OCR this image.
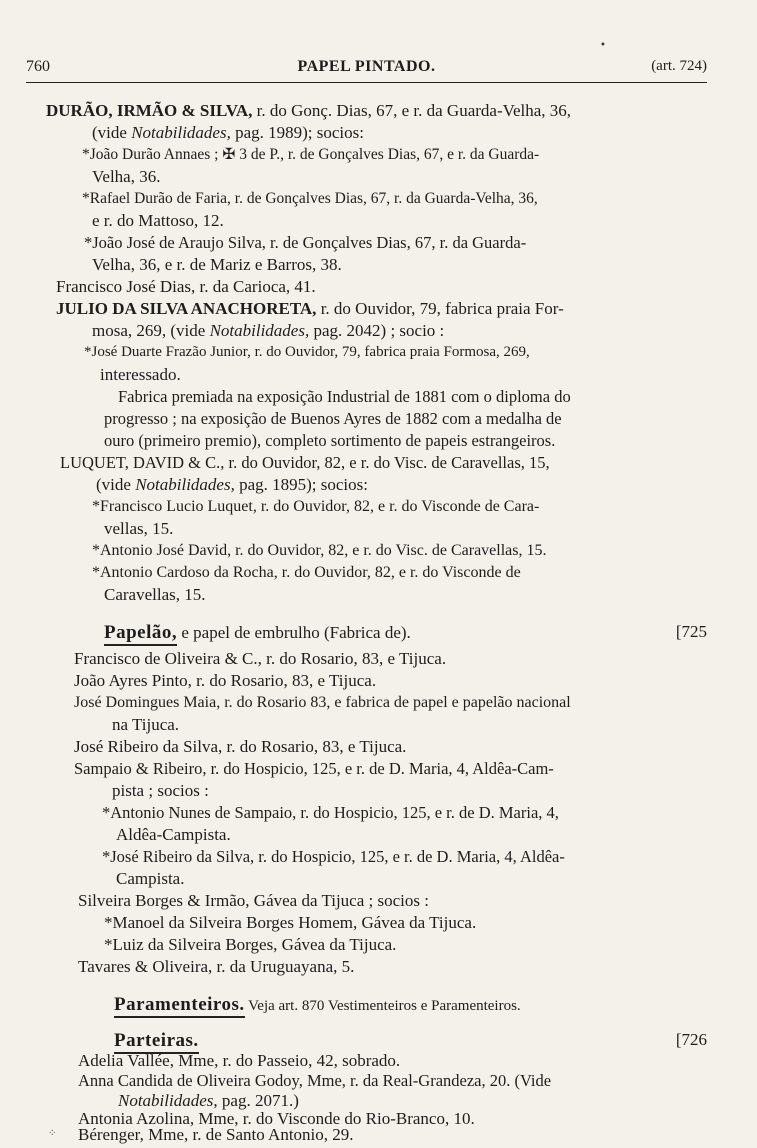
760	PAPEL PINTADO.	(art. 724)
DURÃO, IRMÃO & SILVA, r. do Gonç. Dias, 67, e r. da Guarda-Velha, 36,
(vide Notabilidades, pag. 1989); socios:
*João Durão Annaes ; ✠ 3 de P., r. de Gonçalves Dias, 67, e r. da Guarda-
Velha, 36.
*Rafael Durão de Faria, r. de Gonçalves Dias, 67, r. da Guarda-Velha, 36,
e r. do Mattoso, 12.
*João José de Araujo Silva, r. de Gonçalves Dias, 67, r. da Guarda-
Velha, 36, e r. de Mariz e Barros, 38.
Francisco José Dias, r. da Carioca, 41.
JULIO DA SILVA ANACHORETA, r. do Ouvidor, 79, fabrica praia For-
mosa, 269, (vide Notabilidades, pag. 2042) ; socio :
*José Duarte Frazão Junior, r. do Ouvidor, 79, fabrica praia Formosa, 269,
interessado.
Fabrica premiada na exposição Industrial de 1881 com o diploma do
progresso ; na exposição de Buenos Ayres de 1882 com a medalha de
ouro (primeiro premio), completo sortimento de papeis estrangeiros.
LUQUET, DAVID & C., r. do Ouvidor, 82, e r. do Visc. de Caravellas, 15,
(vide Notabilidades, pag. 1895); socios:
*Francisco Lucio Luquet, r. do Ouvidor, 82, e r. do Visconde de Cara-
vellas, 15.
*Antonio José David, r. do Ouvidor, 82, e r. do Visc. de Caravellas, 15.
*Antonio Cardoso da Rocha, r. do Ouvidor, 82, e r. do Visconde de
Caravellas, 15.
Papelão, e papel de embrulho (Fabrica de).	[725
Francisco de Oliveira & C., r. do Rosario, 83, e Tijuca.
João Ayres Pinto, r. do Rosario, 83, e Tijuca.
José Domingues Maia, r. do Rosario 83, e fabrica de papel e papelão nacional
na Tijuca.
José Ribeiro da Silva, r. do Rosario, 83, e Tijuca.
Sampaio & Ribeiro, r. do Hospicio, 125, e r. de D. Maria, 4, Aldêa-Cam-
pista ; socios :
*Antonio Nunes de Sampaio, r. do Hospicio, 125, e r. de D. Maria, 4,
Aldêa-Campista.
*José Ribeiro da Silva, r. do Hospicio, 125, e r. de D. Maria, 4, Aldêa-
Campista.
Silveira Borges & Irmão, Gávea da Tijuca ; socios :
*Manoel da Silveira Borges Homem, Gávea da Tijuca.
*Luiz da Silveira Borges, Gávea da Tijuca.
Tavares & Oliveira, r. da Uruguayana, 5.
Paramenteiros. Veja art. 870 Vestimenteiros e Paramenteiros.
Parteiras.	[726
Adelia Vallée, Mme, r. do Passeio, 42, sobrado.
Anna Candida de Oliveira Godoy, Mme, r. da Real-Grandeza, 20. (Vide
Notabilidades, pag. 2071.)
Antonia Azolina, Mme, r. do Visconde do Rio-Branco, 10.
Bérenger, Mme, r. de Santo Antonio, 29.
•
⁘
